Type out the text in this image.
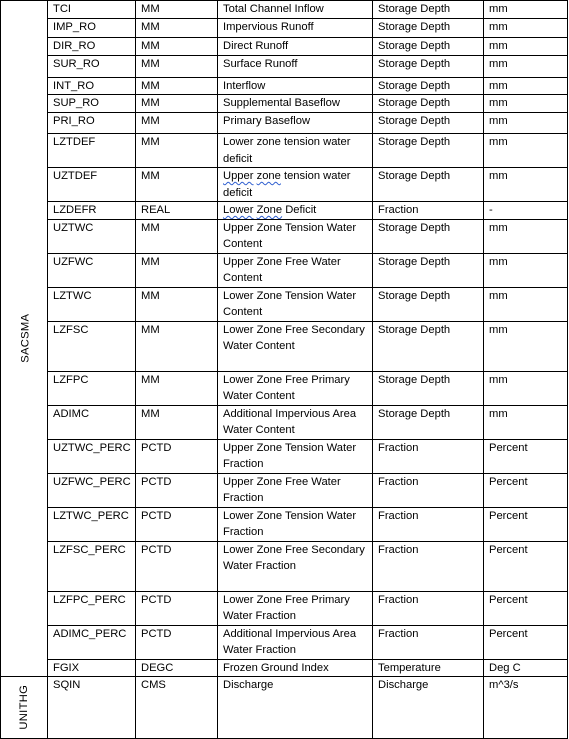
SACSMA	TCI	MM	Total Channel Inflow	Storage Depth	mm
	IMP_RO	MM	Impervious Runoff	Storage Depth	mm
	DIR_RO	MM	Direct Runoff	Storage Depth	mm
	SUR_RO	MM	Surface Runoff	Storage Depth	mm
	INT_RO	MM	Interflow	Storage Depth	mm
	SUP_RO	MM	Supplemental Baseflow	Storage Depth	mm
	PRI_RO	MM	Primary Baseflow	Storage Depth	mm
	LZTDEF	MM	Lower zone tension water deficit	Storage Depth	mm
	UZTDEF	MM	Upper zone tension water deficit	Storage Depth	mm
	LZDEFR	REAL	Lower Zone Deficit	Fraction	-
	UZTWC	MM	Upper Zone Tension Water Content	Storage Depth	mm
	UZFWC	MM	Upper Zone Free Water Content	Storage Depth	mm
	LZTWC	MM	Lower Zone Tension Water Content	Storage Depth	mm
	LZFSC	MM	Lower Zone Free Secondary Water Content	Storage Depth	mm
	LZFPC	MM	Lower Zone Free Primary Water Content	Storage Depth	mm
	ADIMC	MM	Additional Impervious Area Water Content	Storage Depth	mm
	UZTWC_PERC	PCTD	Upper Zone Tension Water Fraction	Fraction	Percent
	UZFWC_PERC	PCTD	Upper Zone Free Water Fraction	Fraction	Percent
	LZTWC_PERC	PCTD	Lower Zone Tension Water Fraction	Fraction	Percent
	LZFSC_PERC	PCTD	Lower Zone Free Secondary Water Fraction	Fraction	Percent
	LZFPC_PERC	PCTD	Lower Zone Free Primary Water Fraction	Fraction	Percent
	ADIMC_PERC	PCTD	Additional Impervious Area Water Fraction	Fraction	Percent
	FGIX	DEGC	Frozen Ground Index	Temperature	Deg C
UNITHG	SQIN	CMS	Discharge	Discharge	m^3/s
